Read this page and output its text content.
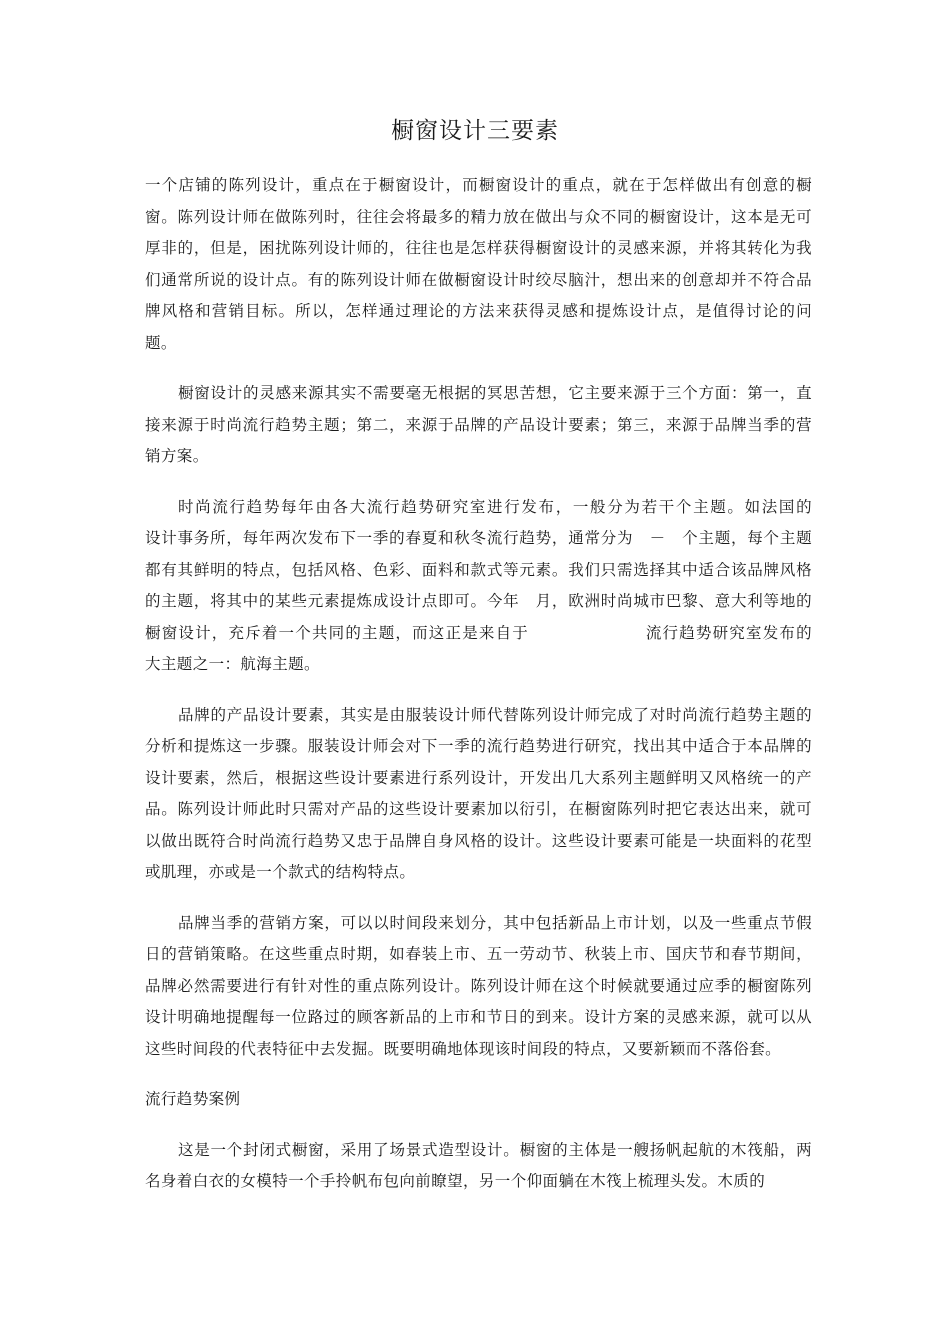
橱窗设计三要素

一个店铺的陈列设计，重点在于橱窗设计，而橱窗设计的重点，就在于怎样做出有创意的橱窗。陈列设计师在做陈列时，往往会将最多的精力放在做出与众不同的橱窗设计，这本是无可厚非的，但是，困扰陈列设计师的，往往也是怎样获得橱窗设计的灵感来源，并将其转化为我们通常所说的设计点。有的陈列设计师在做橱窗设计时绞尽脑汁，想出来的创意却并不符合品牌风格和营销目标。所以，怎样通过理论的方法来获得灵感和提炼设计点，是值得讨论的问题。

橱窗设计的灵感来源其实不需要毫无根据的冥思苦想，它主要来源于三个方面：第一，直接来源于时尚流行趋势主题；第二，来源于品牌的产品设计要素；第三，来源于品牌当季的营销方案。

时尚流行趋势每年由各大流行趋势研究室进行发布，一般分为若干个主题。如法国的　　　　　设计事务所，每年两次发布下一季的春夏和秋冬流行趋势，通常分为　－　个主题，每个主题都有其鲜明的特点，包括风格、色彩、面料和款式等元素。我们只需选择其中适合该品牌风格的主题，将其中的某些元素提炼成设计点即可。今年　月，欧洲时尚城市巴黎、意大利等地的橱窗设计，充斥着一个共同的主题，而这正是来自于　　　　　　　流行趋势研究室发布的　大主题之一：航海主题。

品牌的产品设计要素，其实是由服装设计师代替陈列设计师完成了对时尚流行趋势主题的分析和提炼这一步骤。服装设计师会对下一季的流行趋势进行研究，找出其中适合于本品牌的设计要素，然后，根据这些设计要素进行系列设计，开发出几大系列主题鲜明又风格统一的产品。陈列设计师此时只需对产品的这些设计要素加以衍引，在橱窗陈列时把它表达出来，就可以做出既符合时尚流行趋势又忠于品牌自身风格的设计。这些设计要素可能是一块面料的花型或肌理，亦或是一个款式的结构特点。

品牌当季的营销方案，可以以时间段来划分，其中包括新品上市计划，以及一些重点节假日的营销策略。在这些重点时期，如春装上市、五一劳动节、秋装上市、国庆节和春节期间，品牌必然需要进行有针对性的重点陈列设计。陈列设计师在这个时候就要通过应季的橱窗陈列设计明确地提醒每一位路过的顾客新品的上市和节日的到来。设计方案的灵感来源，就可以从这些时间段的代表特征中去发掘。既要明确地体现该时间段的特点，又要新颖而不落俗套。

流行趋势案例

这是一个封闭式橱窗，采用了场景式造型设计。橱窗的主体是一艘扬帆起航的木筏船，两名身着白衣的女模特一个手拎帆布包向前瞭望，另一个仰面躺在木筏上梳理头发。木质的
